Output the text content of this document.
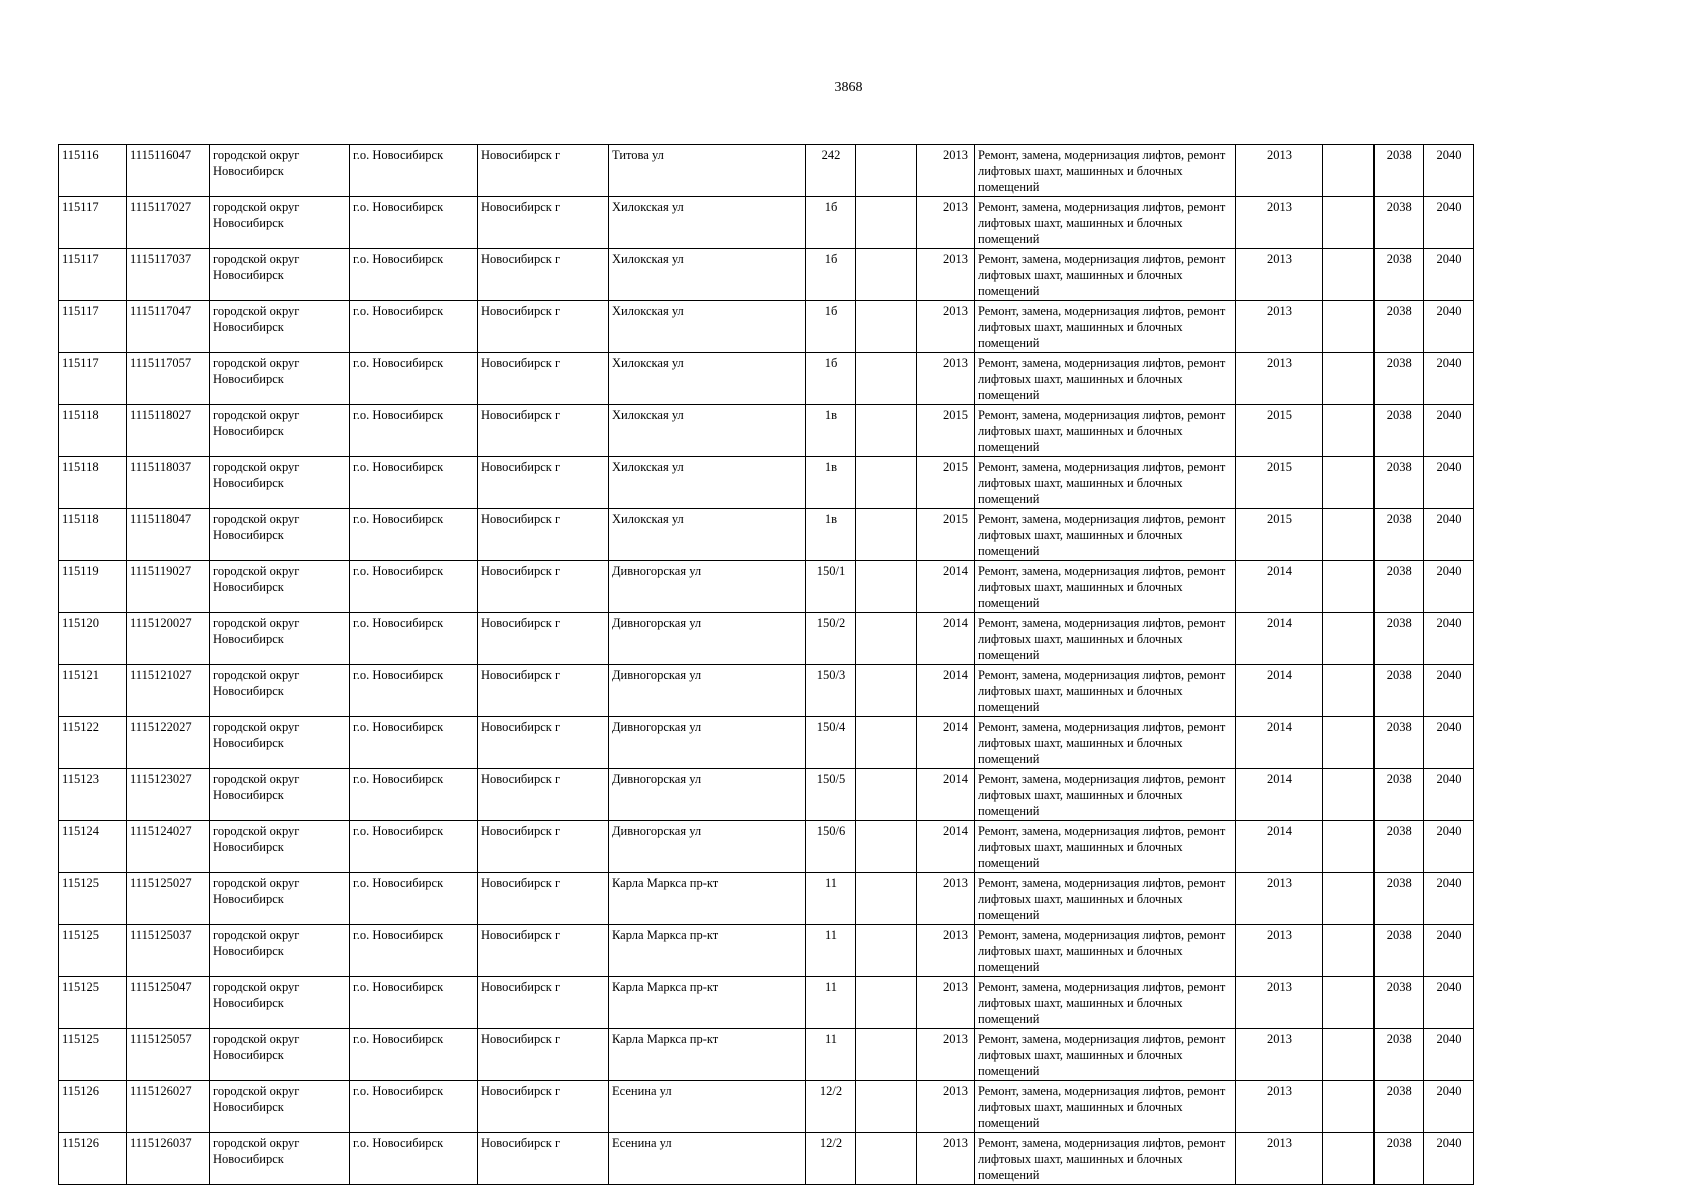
3868
115116	1115116047	городской округ Новосибирск	г.о. Новосибирск	Новосибирск г	Титова ул	242		2013	Ремонт, замена, модернизация лифтов, ремонт лифтовых шахт, машинных и блочных помещений	2013		2038	2040
115117	1115117027	городской округ Новосибирск	г.о. Новосибирск	Новосибирск г	Хилокская ул	1б		2013	Ремонт, замена, модернизация лифтов, ремонт лифтовых шахт, машинных и блочных помещений	2013		2038	2040
115117	1115117037	городской округ Новосибирск	г.о. Новосибирск	Новосибирск г	Хилокская ул	1б		2013	Ремонт, замена, модернизация лифтов, ремонт лифтовых шахт, машинных и блочных помещений	2013		2038	2040
115117	1115117047	городской округ Новосибирск	г.о. Новосибирск	Новосибирск г	Хилокская ул	1б		2013	Ремонт, замена, модернизация лифтов, ремонт лифтовых шахт, машинных и блочных помещений	2013		2038	2040
115117	1115117057	городской округ Новосибирск	г.о. Новосибирск	Новосибирск г	Хилокская ул	1б		2013	Ремонт, замена, модернизация лифтов, ремонт лифтовых шахт, машинных и блочных помещений	2013		2038	2040
115118	1115118027	городской округ Новосибирск	г.о. Новосибирск	Новосибирск г	Хилокская ул	1в		2015	Ремонт, замена, модернизация лифтов, ремонт лифтовых шахт, машинных и блочных помещений	2015		2038	2040
115118	1115118037	городской округ Новосибирск	г.о. Новосибирск	Новосибирск г	Хилокская ул	1в		2015	Ремонт, замена, модернизация лифтов, ремонт лифтовых шахт, машинных и блочных помещений	2015		2038	2040
115118	1115118047	городской округ Новосибирск	г.о. Новосибирск	Новосибирск г	Хилокская ул	1в		2015	Ремонт, замена, модернизация лифтов, ремонт лифтовых шахт, машинных и блочных помещений	2015		2038	2040
115119	1115119027	городской округ Новосибирск	г.о. Новосибирск	Новосибирск г	Дивногорская ул	150/1		2014	Ремонт, замена, модернизация лифтов, ремонт лифтовых шахт, машинных и блочных помещений	2014		2038	2040
115120	1115120027	городской округ Новосибирск	г.о. Новосибирск	Новосибирск г	Дивногорская ул	150/2		2014	Ремонт, замена, модернизация лифтов, ремонт лифтовых шахт, машинных и блочных помещений	2014		2038	2040
115121	1115121027	городской округ Новосибирск	г.о. Новосибирск	Новосибирск г	Дивногорская ул	150/3		2014	Ремонт, замена, модернизация лифтов, ремонт лифтовых шахт, машинных и блочных помещений	2014		2038	2040
115122	1115122027	городской округ Новосибирск	г.о. Новосибирск	Новосибирск г	Дивногорская ул	150/4		2014	Ремонт, замена, модернизация лифтов, ремонт лифтовых шахт, машинных и блочных помещений	2014		2038	2040
115123	1115123027	городской округ Новосибирск	г.о. Новосибирск	Новосибирск г	Дивногорская ул	150/5		2014	Ремонт, замена, модернизация лифтов, ремонт лифтовых шахт, машинных и блочных помещений	2014		2038	2040
115124	1115124027	городской округ Новосибирск	г.о. Новосибирск	Новосибирск г	Дивногорская ул	150/6		2014	Ремонт, замена, модернизация лифтов, ремонт лифтовых шахт, машинных и блочных помещений	2014		2038	2040
115125	1115125027	городской округ Новосибирск	г.о. Новосибирск	Новосибирск г	Карла Маркса пр-кт	11		2013	Ремонт, замена, модернизация лифтов, ремонт лифтовых шахт, машинных и блочных помещений	2013		2038	2040
115125	1115125037	городской округ Новосибирск	г.о. Новосибирск	Новосибирск г	Карла Маркса пр-кт	11		2013	Ремонт, замена, модернизация лифтов, ремонт лифтовых шахт, машинных и блочных помещений	2013		2038	2040
115125	1115125047	городской округ Новосибирск	г.о. Новосибирск	Новосибирск г	Карла Маркса пр-кт	11		2013	Ремонт, замена, модернизация лифтов, ремонт лифтовых шахт, машинных и блочных помещений	2013		2038	2040
115125	1115125057	городской округ Новосибирск	г.о. Новосибирск	Новосибирск г	Карла Маркса пр-кт	11		2013	Ремонт, замена, модернизация лифтов, ремонт лифтовых шахт, машинных и блочных помещений	2013		2038	2040
115126	1115126027	городской округ Новосибирск	г.о. Новосибирск	Новосибирск г	Есенина ул	12/2		2013	Ремонт, замена, модернизация лифтов, ремонт лифтовых шахт, машинных и блочных помещений	2013		2038	2040
115126	1115126037	городской округ Новосибирск	г.о. Новосибирск	Новосибирск г	Есенина ул	12/2		2013	Ремонт, замена, модернизация лифтов, ремонт лифтовых шахт, машинных и блочных помещений	2013		2038	2040
